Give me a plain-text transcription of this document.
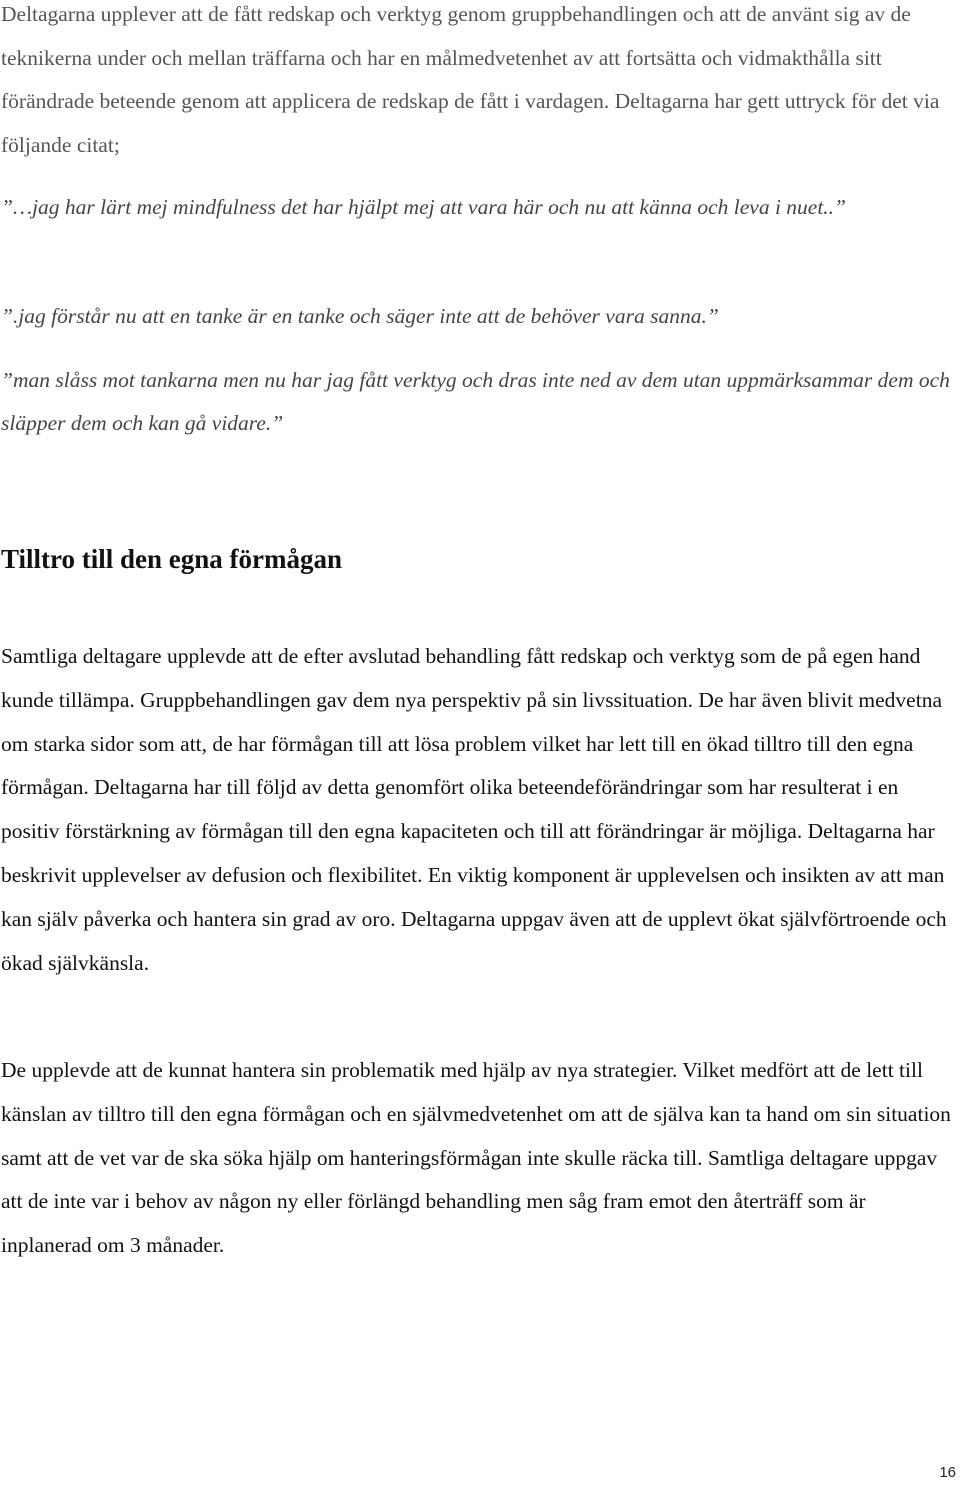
Deltagarna upplever att de fått redskap och verktyg genom gruppbehandlingen och att de använt sig av de teknikerna under och mellan träffarna och har en målmedvetenhet av att fortsätta och vidmakthålla sitt förändrade beteende genom att applicera de redskap de fått i vardagen. Deltagarna har gett uttryck för det via följande citat;

”…jag har lärt mej mindfulness det har hjälpt mej att vara här och nu att känna och leva i nuet..”

”.jag förstår nu att en tanke är en tanke och säger inte att de behöver vara sanna.”

”man slåss mot tankarna men nu har jag fått verktyg och dras inte ned av dem utan uppmärksammar dem och släpper dem och kan gå vidare.”

Tilltro till den egna förmågan

Samtliga deltagare upplevde att de efter avslutad behandling fått redskap och verktyg som de på egen hand kunde tillämpa. Gruppbehandlingen gav dem nya perspektiv på sin livssituation. De har även blivit medvetna om starka sidor som att, de har förmågan till att lösa problem vilket har lett till en ökad tilltro till den egna förmågan. Deltagarna har till följd av detta genomfört olika beteendeförändringar som har resulterat i en positiv förstärkning av förmågan till den egna kapaciteten och till att förändringar är möjliga. Deltagarna har beskrivit upplevelser av defusion och flexibilitet. En viktig komponent är upplevelsen och insikten av att man kan själv påverka och hantera sin grad av oro. Deltagarna uppgav även att de upplevt ökat självförtroende och ökad självkänsla.

De upplevde att de kunnat hantera sin problematik med hjälp av nya strategier. Vilket medfört att de lett till känslan av tilltro till den egna förmågan och en självmedvetenhet om att de själva kan ta hand om sin situation samt att de vet var de ska söka hjälp om hanteringsförmågan inte skulle räcka till. Samtliga deltagare uppgav att de inte var i behov av någon ny eller förlängd behandling men såg fram emot den återträff som är inplanerad om 3 månader.

16
